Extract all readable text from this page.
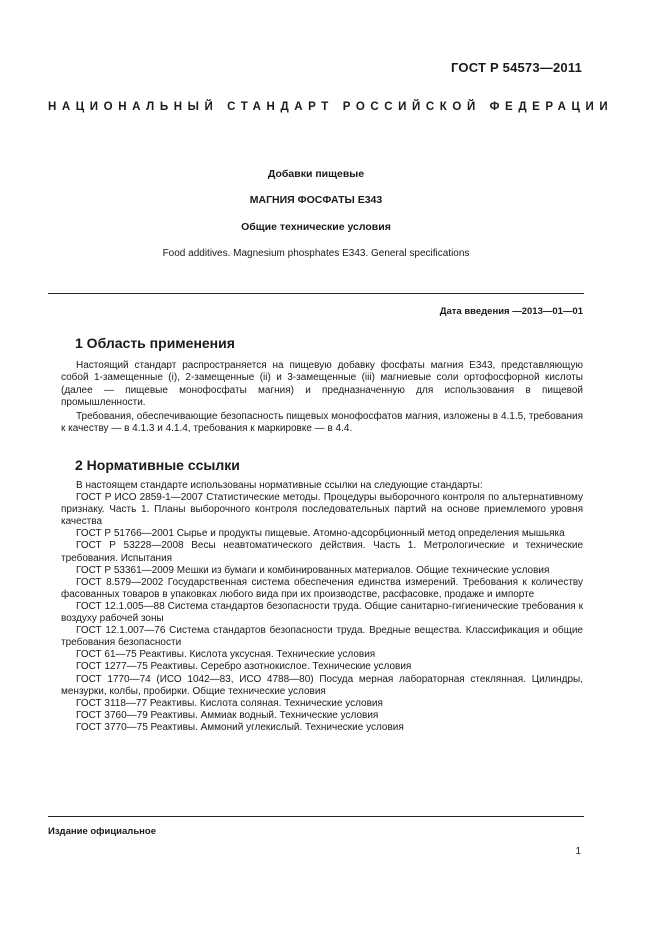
ГОСТ Р 54573—2011
НАЦИОНАЛЬНЫЙ СТАНДАРТ РОССИЙСКОЙ ФЕДЕРАЦИИ
Добавки пищевые
МАГНИЯ ФОСФАТЫ Е343
Общие технические условия
Food additives. Magnesium phosphates E343. General specifications
Дата введения —2013—01—01
1 Область применения
Настоящий стандарт распространяется на пищевую добавку фосфаты магния Е343, представляющую собой 1-замещенные (i), 2-замещенные (ii) и 3-замещенные (iii) магниевые соли ортофосфорной кислоты (далее — пищевые монофосфаты магния) и предназначенную для использования в пищевой промышленности.
Требования, обеспечивающие безопасность пищевых монофосфатов магния, изложены в 4.1.5, требования к качеству — в 4.1.3 и 4.1.4, требования к маркировке — в 4.4.
2 Нормативные ссылки

В настоящем стандарте использованы нормативные ссылки на следующие стандарты:

ГОСТ Р ИСО 2859-1—2007 Статистические методы. Процедуры выборочного контроля по альтернативному признаку. Часть 1. Планы выборочного контроля последовательных партий на основе приемлемого уровня качества

ГОСТ Р 51766—2001 Сырье и продукты пищевые. Атомно-адсорбционный метод определения мышьяка

ГОСТ Р 53228—2008 Весы неавтоматического действия. Часть 1. Метрологические и технические требования. Испытания

ГОСТ Р 53361—2009 Мешки из бумаги и комбинированных материалов. Общие технические условия

ГОСТ 8.579—2002 Государственная система обеспечения единства измерений. Требования к количеству фасованных товаров в упаковках любого вида при их производстве, расфасовке, продаже и импорте

ГОСТ 12.1.005—88 Система стандартов безопасности труда. Общие санитарно-гигиенические требования к воздуху рабочей зоны

ГОСТ 12.1.007—76 Система стандартов безопасности труда. Вредные вещества. Классификация и общие требования безопасности

ГОСТ 61—75 Реактивы. Кислота уксусная. Технические условия

ГОСТ 1277—75 Реактивы. Серебро азотнокислое. Технические условия

ГОСТ 1770—74 (ИСО 1042—83, ИСО 4788—80) Посуда мерная лабораторная стеклянная. Цилиндры, мензурки, колбы, пробирки. Общие технические условия

ГОСТ 3118—77 Реактивы. Кислота соляная. Технические условия

ГОСТ 3760—79 Реактивы. Аммиак водный. Технические условия

ГОСТ 3770—75 Реактивы. Аммоний углекислый. Технические условия

Издание официальное
1
